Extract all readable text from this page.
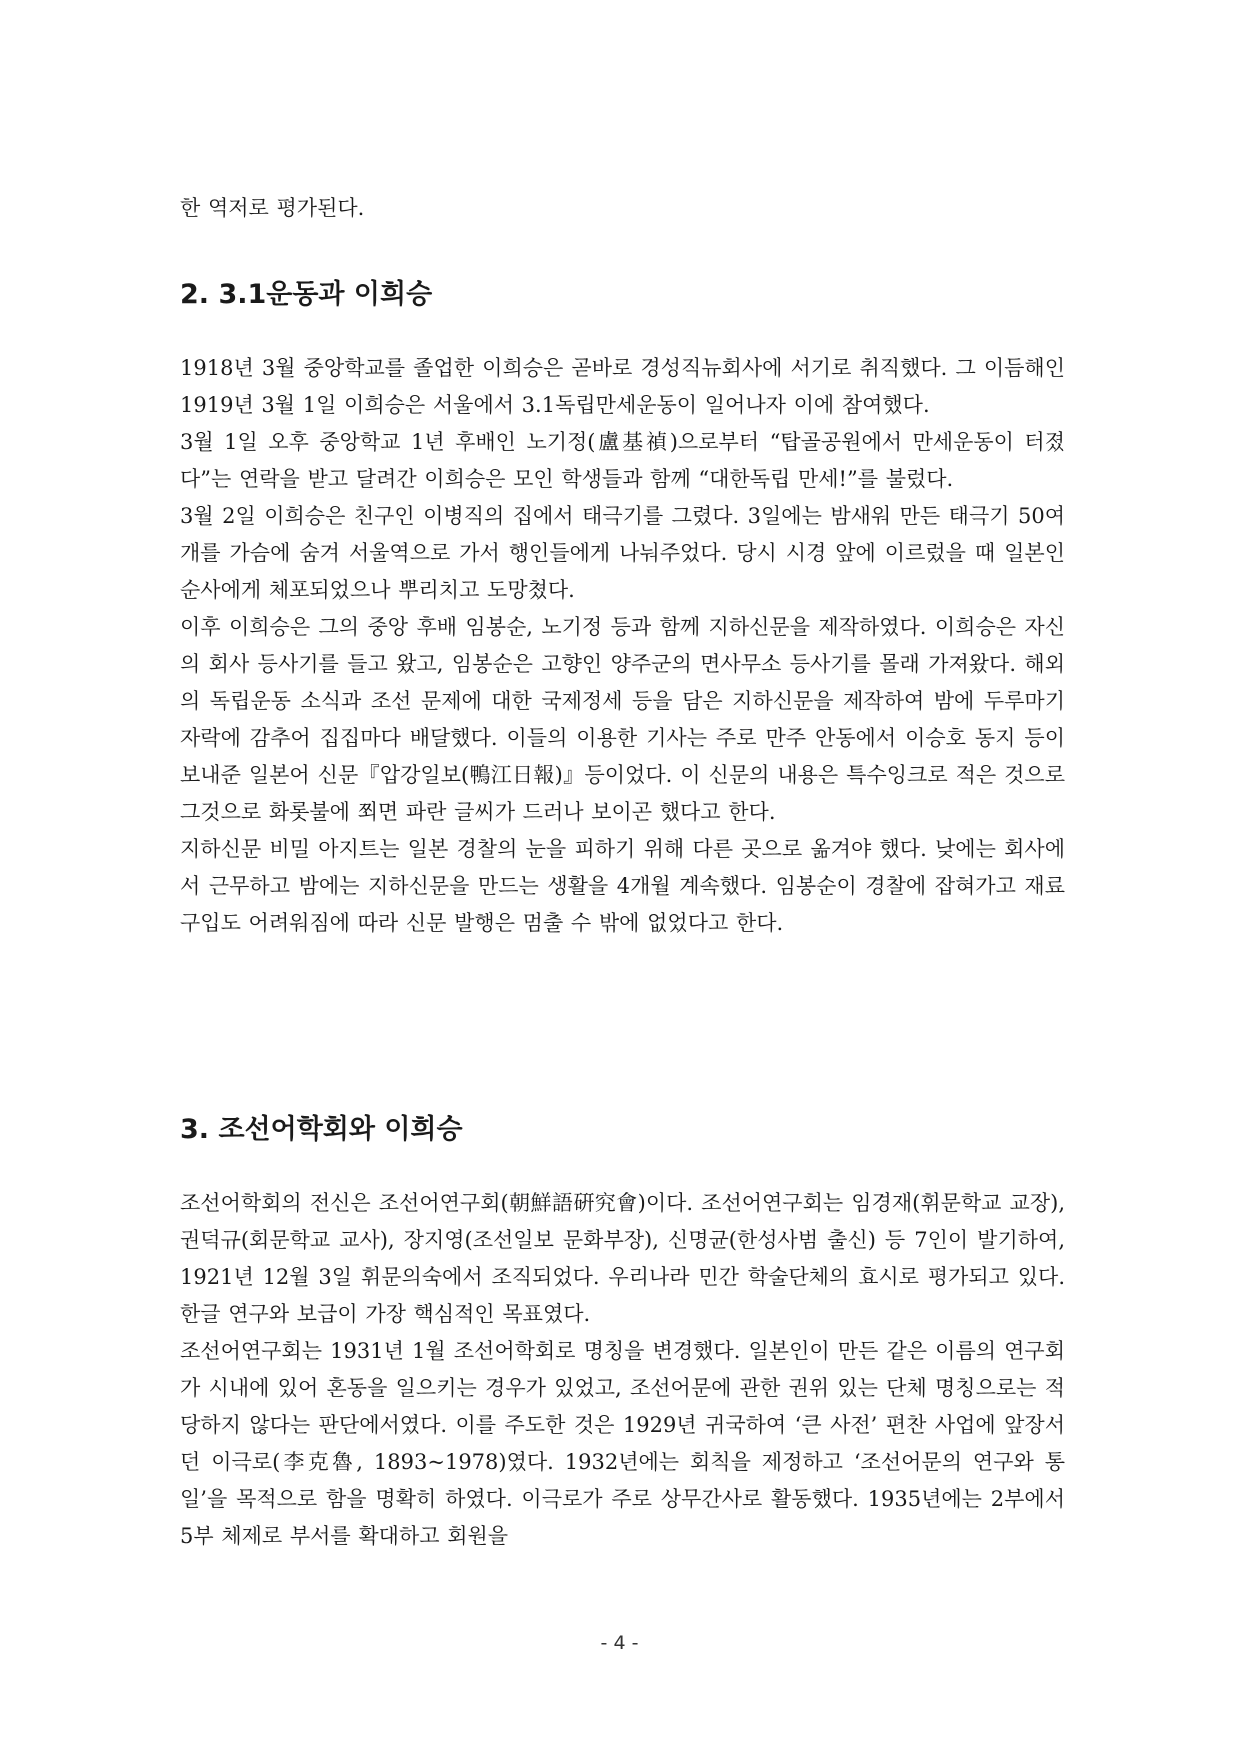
한 역저로 평가된다.

2. 3.1운동과 이희승

1918년 3월 중앙학교를 졸업한 이희승은 곧바로 경성직뉴회사에 서기로 취직했다. 그 이듬해인 1919년 3월 1일 이희승은 서울에서 3.1독립만세운동이 일어나자 이에 참여했다.

3월 1일 오후 중앙학교 1년 후배인 노기정(盧基禎)으로부터 “탑골공원에서 만세운동이 터졌다”는 연락을 받고 달려간 이희승은 모인 학생들과 함께 “대한독립 만세!”를 불렀다.

3월 2일 이희승은 친구인 이병직의 집에서 태극기를 그렸다. 3일에는 밤새워 만든 태극기 50여 개를 가슴에 숨겨 서울역으로 가서 행인들에게 나눠주었다. 당시 시경 앞에 이르렀을 때 일본인 순사에게 체포되었으나 뿌리치고 도망쳤다.

이후 이희승은 그의 중앙 후배 임봉순, 노기정 등과 함께 지하신문을 제작하였다. 이희승은 자신의 회사 등사기를 들고 왔고, 임봉순은 고향인 양주군의 면사무소 등사기를 몰래 가져왔다. 해외의 독립운동 소식과 조선 문제에 대한 국제정세 등을 담은 지하신문을 제작하여 밤에 두루마기 자락에 감추어 집집마다 배달했다. 이들의 이용한 기사는 주로 만주 안동에서 이승호 동지 등이 보내준 일본어 신문『압강일보(鴨江日報)』등이었다. 이 신문의 내용은 특수잉크로 적은 것으로 그것으로 화롯불에 쬐면 파란 글씨가 드러나 보이곤 했다고 한다.

지하신문 비밀 아지트는 일본 경찰의 눈을 피하기 위해 다른 곳으로 옮겨야 했다. 낮에는 회사에서 근무하고 밤에는 지하신문을 만드는 생활을 4개월 계속했다. 임봉순이 경찰에 잡혀가고 재료 구입도 어려워짐에 따라 신문 발행은 멈출 수 밖에 없었다고 한다.

3. 조선어학회와 이희승

조선어학회의 전신은 조선어연구회(朝鮮語硏究會)이다. 조선어연구회는 임경재(휘문학교 교장), 권덕규(회문학교 교사), 장지영(조선일보 문화부장), 신명균(한성사범 출신) 등 7인이 발기하여, 1921년 12월 3일 휘문의숙에서 조직되었다. 우리나라 민간 학술단체의 효시로 평가되고 있다. 한글 연구와 보급이 가장 핵심적인 목표였다.

조선어연구회는 1931년 1월 조선어학회로 명칭을 변경했다. 일본인이 만든 같은 이름의 연구회가 시내에 있어 혼동을 일으키는 경우가 있었고, 조선어문에 관한 권위 있는 단체 명칭으로는 적당하지 않다는 판단에서였다. 이를 주도한 것은 1929년 귀국하여 ‘큰 사전’ 편찬 사업에 앞장서던 이극로(李克魯, 1893~1978)였다. 1932년에는 회칙을 제정하고 ‘조선어문의 연구와 통일’을 목적으로 함을 명확히 하였다. 이극로가 주로 상무간사로 활동했다. 1935년에는 2부에서 5부 체제로 부서를 확대하고 회원을

- 4 -
